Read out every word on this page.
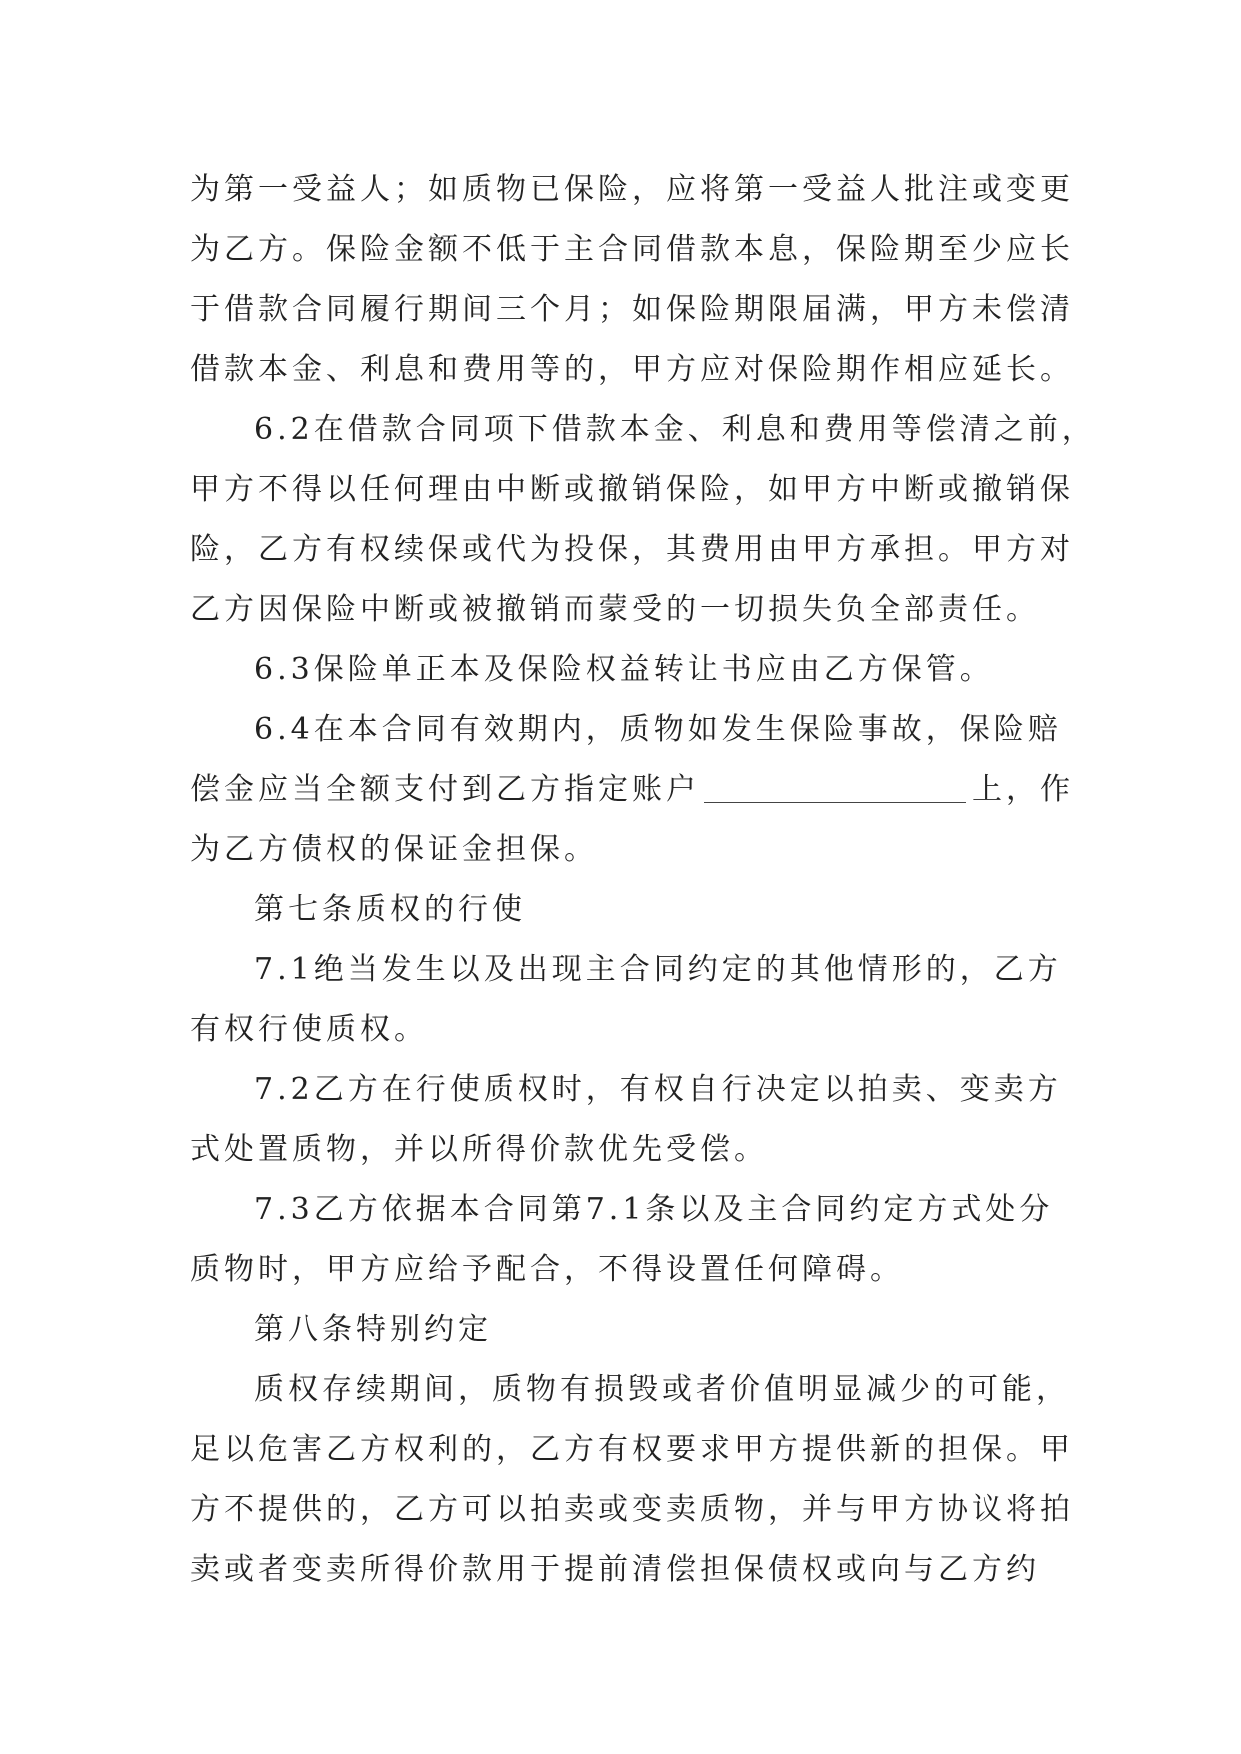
为第一受益人；如质物已保险，应将第一受益人批注或变更
为乙方。保险金额不低于主合同借款本息，保险期至少应长
于借款合同履行期间三个月；如保险期限届满，甲方未偿清
借款本金、利息和费用等的，甲方应对保险期作相应延长。
6.2在借款合同项下借款本金、利息和费用等偿清之前，
甲方不得以任何理由中断或撤销保险，如甲方中断或撤销保
险，乙方有权续保或代为投保，其费用由甲方承担。甲方对
乙方因保险中断或被撤销而蒙受的一切损失负全部责任。
6.3保险单正本及保险权益转让书应由乙方保管。
6.4在本合同有效期内，质物如发生保险事故，保险赔
偿金应当全额支付到乙方指定账户	上，作
为乙方债权的保证金担保。
第七条质权的行使
7.1绝当发生以及出现主合同约定的其他情形的，乙方
有权行使质权。
7.2乙方在行使质权时，有权自行决定以拍卖、变卖方
式处置质物，并以所得价款优先受偿。
7.3乙方依据本合同第7.1条以及主合同约定方式处分
质物时，甲方应给予配合，不得设置任何障碍。
第八条特别约定
质权存续期间，质物有损毁或者价值明显减少的可能，
足以危害乙方权利的，乙方有权要求甲方提供新的担保。甲
方不提供的，乙方可以拍卖或变卖质物，并与甲方协议将拍
卖或者变卖所得价款用于提前清偿担保债权或向与乙方约
